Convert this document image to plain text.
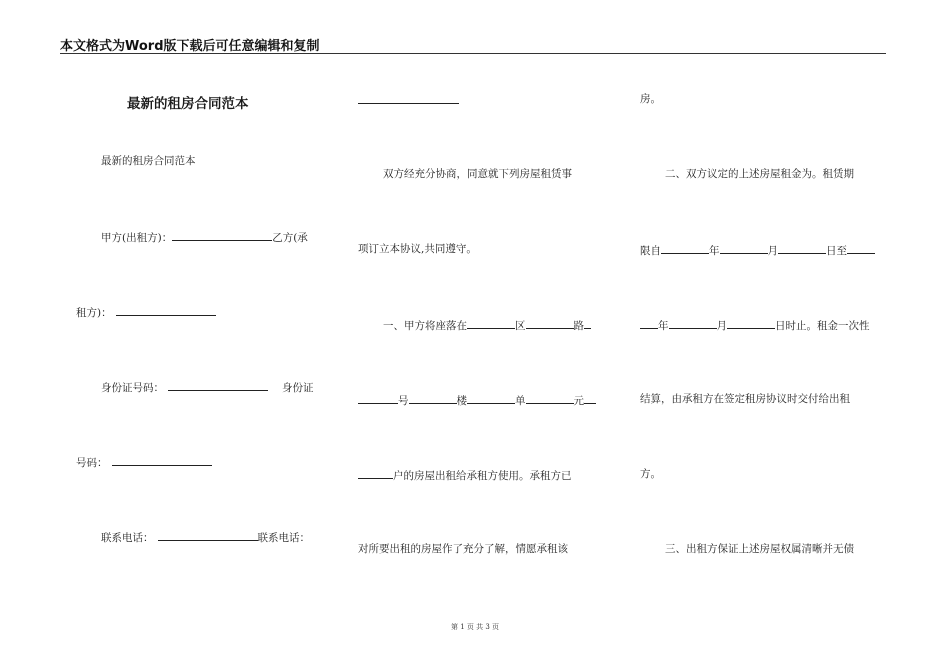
本文格式为Word版下载后可任意编辑和复制
最新的租房合同范本
最新的租房合同范本
甲方(出租方)：	乙方(承
租方)：
身份证号码：	身份证
号码：
联系电话：	联系电话：
双方经充分协商，同意就下列房屋租赁事
项订立本协议,共同遵守。
一、甲方将座落在	区	路
号	楼	单	元
户的房屋出租给承租方使用。承租方已
对所要出租的房屋作了充分了解，情愿承租该
房。
二、双方议定的上述房屋租金为。租赁期
限自	年	月	日至
年	月	日时止。租金一次性
结算，由承租方在签定租房协议时交付给出租
方。
三、出租方保证上述房屋权属清晰并无债
第 1 页 共 3 页
